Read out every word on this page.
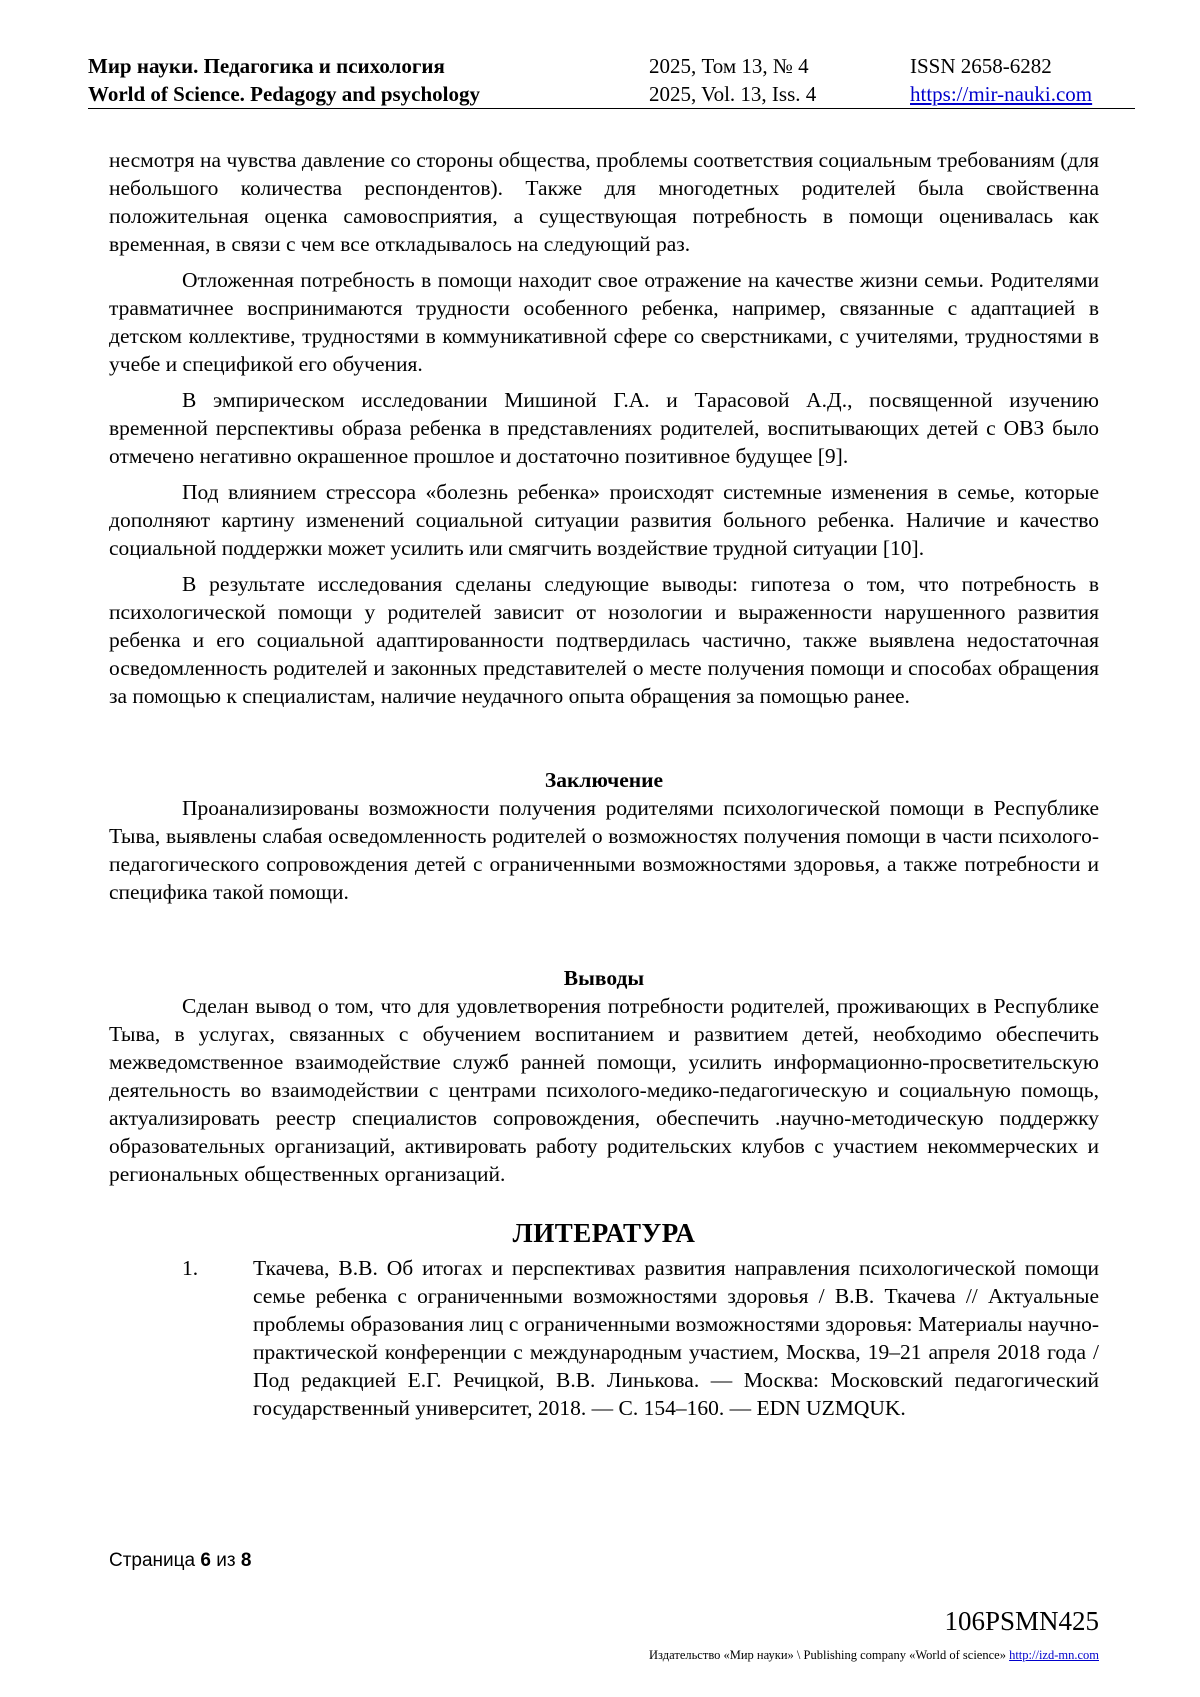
Мир науки. Педагогика и психология
World of Science. Pedagogy and psychology
2025, Том 13, № 4
2025, Vol. 13, Iss. 4
ISSN 2658-6282
https://mir-nauki.com

несмотря на чувства давление со стороны общества, проблемы соответствия социальным требованиям (для небольшого количества респондентов). Также для многодетных родителей была свойственна положительная оценка самовосприятия, а существующая потребность в помощи оценивалась как временная, в связи с чем все откладывалось на следующий раз.

Отложенная потребность в помощи находит свое отражение на качестве жизни семьи. Родителями травматичнее воспринимаются трудности особенного ребенка, например, связанные с адаптацией в детском коллективе, трудностями в коммуникативной сфере со сверстниками, с учителями, трудностями в учебе и спецификой его обучения.

В эмпирическом исследовании Мишиной Г.А. и Тарасовой А.Д., посвященной изучению временной перспективы образа ребенка в представлениях родителей, воспитывающих детей с ОВЗ было отмечено негативно окрашенное прошлое и достаточно позитивное будущее [9].

Под влиянием стрессора «болезнь ребенка» происходят системные изменения в семье, которые дополняют картину изменений социальной ситуации развития больного ребенка. Наличие и качество социальной поддержки может усилить или смягчить воздействие трудной ситуации [10].

В результате исследования сделаны следующие выводы: гипотеза о том, что потребность в психологической помощи у родителей зависит от нозологии и выраженности нарушенного развития ребенка и его социальной адаптированности подтвердилась частично, также выявлена недостаточная осведомленность родителей и законных представителей о месте получения помощи и способах обращения за помощью к специалистам, наличие неудачного опыта обращения за помощью ранее.

Заключение

Проанализированы возможности получения родителями психологической помощи в Республике Тыва, выявлены слабая осведомленность родителей о возможностях получения помощи в части психолого-педагогического сопровождения детей с ограниченными возможностями здоровья, а также потребности и специфика такой помощи.

Выводы

Сделан вывод о том, что для удовлетворения потребности родителей, проживающих в Республике Тыва, в услугах, связанных с обучением воспитанием и развитием детей, необходимо обеспечить межведомственное взаимодействие служб ранней помощи, усилить информационно-просветительскую деятельность во взаимодействии с центрами психолого-медико-педагогическую и социальную помощь, актуализировать реестр специалистов сопровождения, обеспечить .научно-методическую поддержку образовательных организаций, активировать работу родительских клубов с участием некоммерческих и региональных общественных организаций.

ЛИТЕРАТУРА
1.	Ткачева, В.В. Об итогах и перспективах развития направления психологической помощи семье ребенка с ограниченными возможностями здоровья / В.В. Ткачева // Актуальные проблемы образования лиц с ограниченными возможностями здоровья: Материалы научно-практической конференции с международным участием, Москва, 19–21 апреля 2018 года / Под редакцией Е.Г. Речицкой, В.В. Линькова. — Москва: Московский педагогический государственный университет, 2018. — С. 154–160. — EDN UZMQUK.
Страница 6 из 8
106PSMN425
Издательство «Мир науки» \ Publishing company «World of science» http://izd-mn.com
